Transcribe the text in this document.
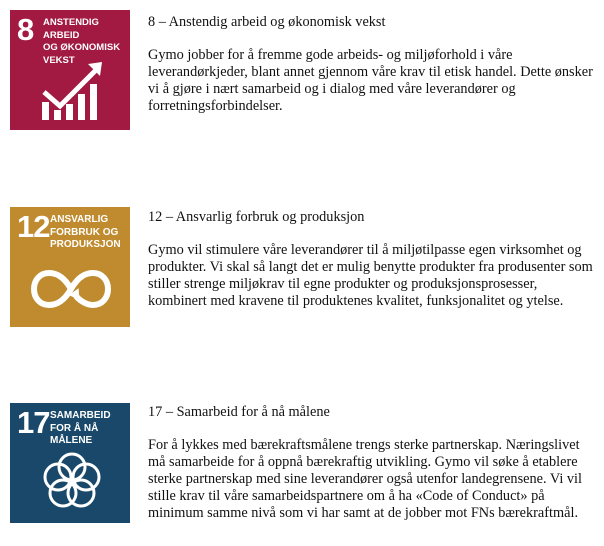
8 ANSTENDIG ARBEID
OG ØKONOMISK
VEKST

8 – Anstendig arbeid og økonomisk vekst

Gymo jobber for å fremme gode arbeids- og miljøforhold i våre leverandørkjeder, blant annet gjennom våre krav til etisk handel. Dette ønsker vi å gjøre i nært samarbeid og i dialog med våre leverandører og forretningsforbindelser.

12 ANSVARLIG
FORBRUK OG
PRODUKSJON

12 – Ansvarlig forbruk og produksjon

Gymo vil stimulere våre leverandører til å miljøtilpasse egen virksomhet og produkter. Vi skal så langt det er mulig benytte produkter fra produsenter som stiller strenge miljøkrav til egne produkter og produksjonsprosesser, kombinert med kravene til produktenes kvalitet, funksjonalitet og ytelse.

17 SAMARBEID
FOR Å NÅ MÅLENE

17 – Samarbeid for å nå målene

For å lykkes med bærekraftsmålene trengs sterke partnerskap. Næringslivet må samarbeide for å oppnå bærekraftig utvikling. Gymo vil søke å etablere sterke partnerskap med sine leverandører også utenfor landegrensene. Vi vil stille krav til våre samarbeidspartnere om å ha «Code of Conduct» på minimum samme nivå som vi har samt at de jobber mot FNs bærekraftmål.
